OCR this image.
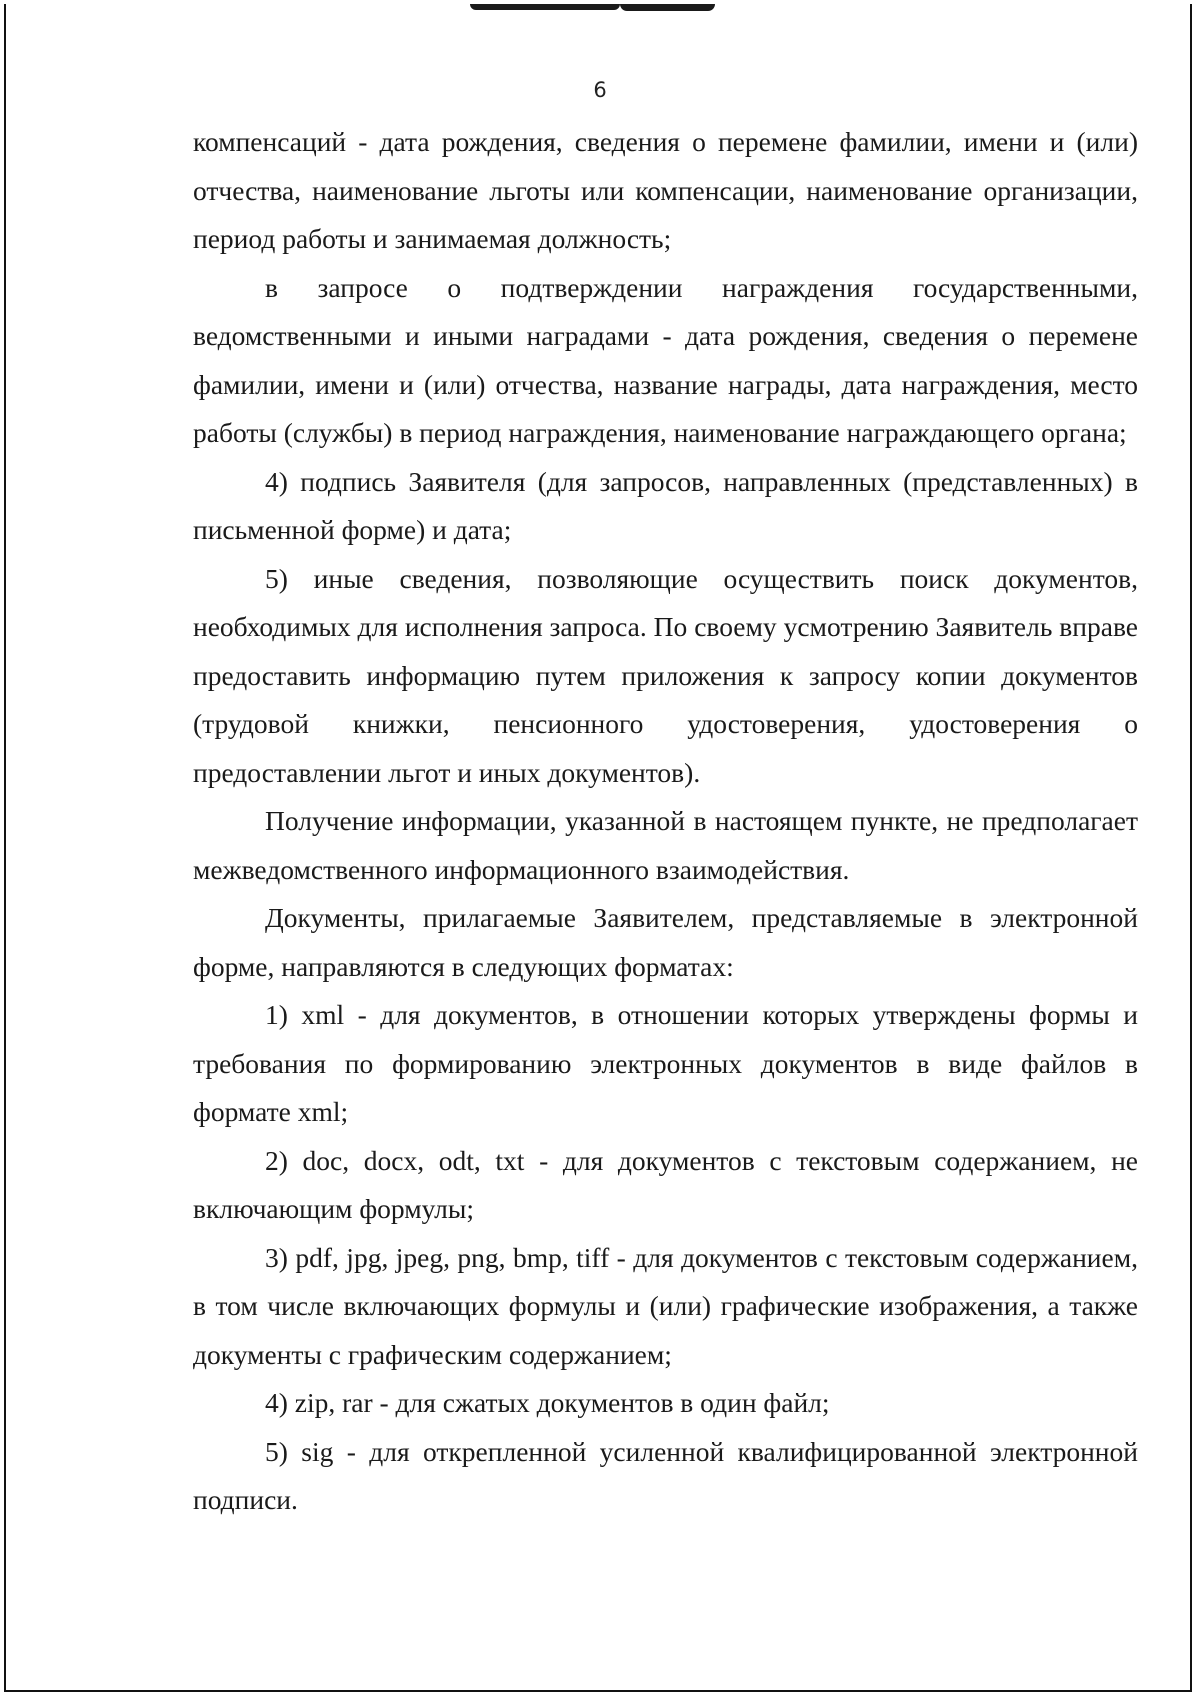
6

компенсаций - дата рождения, сведения о перемене фамилии, имени и (или) отчества, наименование льготы или компенсации, наименование организации, период работы и занимаемая должность;

в запросе о подтверждении награждения государственными, ведомственными и иными наградами - дата рождения, сведения о перемене фамилии, имени и (или) отчества, название награды, дата награждения, место работы (службы) в период награждения, наименование награждающего органа;

4) подпись Заявителя (для запросов, направленных (представленных) в письменной форме) и дата;

5) иные сведения, позволяющие осуществить поиск документов, необходимых для исполнения запроса. По своему усмотрению Заявитель вправе предоставить информацию путем приложения к запросу копии документов (трудовой книжки, пенсионного удостоверения, удостоверения о предоставлении льгот и иных документов).

Получение информации, указанной в настоящем пункте, не предполагает межведомственного информационного взаимодействия.

Документы, прилагаемые Заявителем, представляемые в электронной форме, направляются в следующих форматах:

1) xml - для документов, в отношении которых утверждены формы и требования по формированию электронных документов в виде файлов в формате xml;

2) doc, docx, odt, txt - для документов с текстовым содержанием, не включающим формулы;

3) pdf, jpg, jpeg, png, bmp, tiff - для документов с текстовым содержанием, в том числе включающих формулы и (или) графические изображения, а также документы с графическим содержанием;

4) zip, rar - для сжатых документов в один файл;

5) sig - для открепленной усиленной квалифицированной электронной подписи.
